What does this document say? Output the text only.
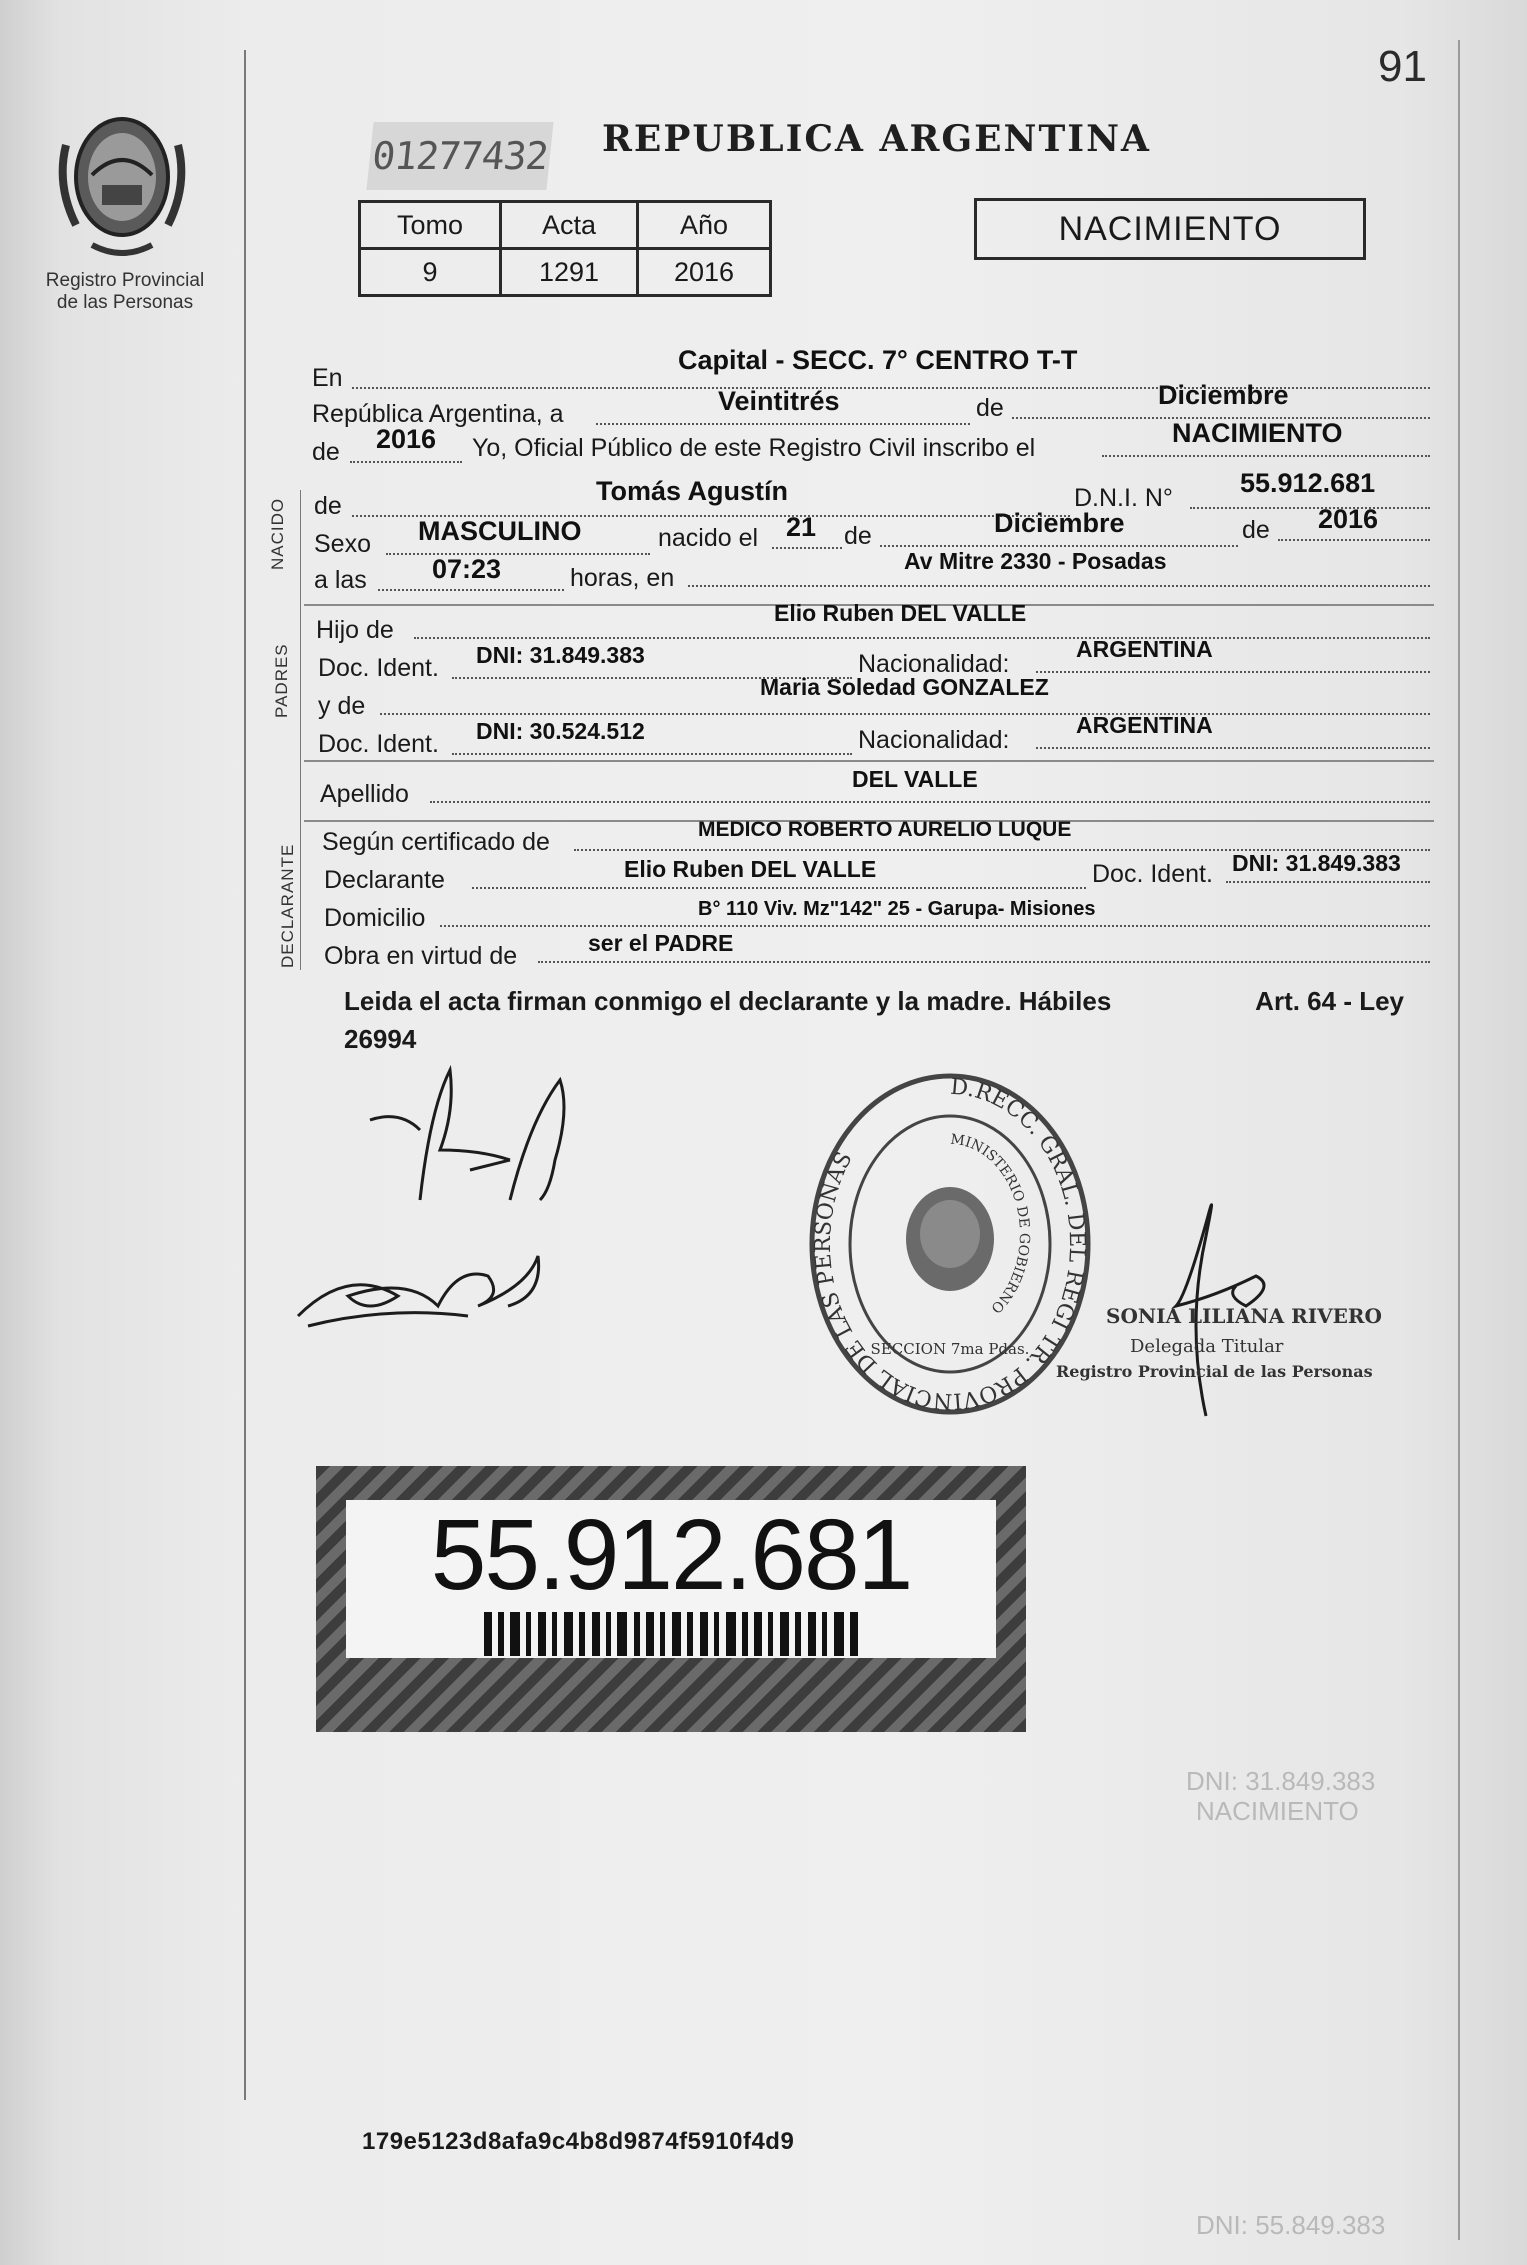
91
Registro Provincial
de las Personas
01277432 REPUBLICA ARGENTINA
Tomo	Acta	Año
9	1291	2016
NACIMIENTO
En
Capital - SECC. 7° CENTRO T-T
República Argentina, a	Veintitrés	de	Diciembre
de 2016 Yo, Oficial Público de este Registro Civil inscribo el	NACIMIENTO
NACIDO de	Tomás Agustín	D.N.I. N° 55.912.681
Sexo MASCULINO	nacido el 21 de	Diciembre	de 2016
a las 07:23	horas, en
Av Mitre 2330 - Posadas
PADRES
Hijo de
Elio Ruben DEL VALLE
Doc. Ident. DNI: 31.849.383	Nacionalidad:
ARGENTINA
y de
Maria Soledad GONZALEZ
Doc. Ident. DNI: 30.524.512	Nacionalidad:
ARGENTINA
Apellido
DEL VALLE
DECLARANTE
Según certificado de	MEDICO ROBERTO AURELIO LUQUE
Declarante	Elio Ruben DEL VALLE	Doc. Ident. DNI: 31.849.383
Domicilio	B° 110 Viv. Mz"142" 25 - Garupa- Misiones
Obra en virtud de	ser el PADRE
Leida el acta firman conmigo el declarante y la madre. Hábiles	Art. 64 - Ley
26994
D.RECC. GRAL. DEL REGI TR. PROVINCIAL DE LAS PERSONAS
MINISTERIO DE GOBIERNO
SECCION 7ma Pdas.
SONIA LILIANA RIVERO
Delegada Titular
Registro Provincial de las Personas
55.912.681
DNI: 31.849.383
NACIMIENTO
DNI: 55.849.383
179e5123d8afa9c4b8d9874f5910f4d9
